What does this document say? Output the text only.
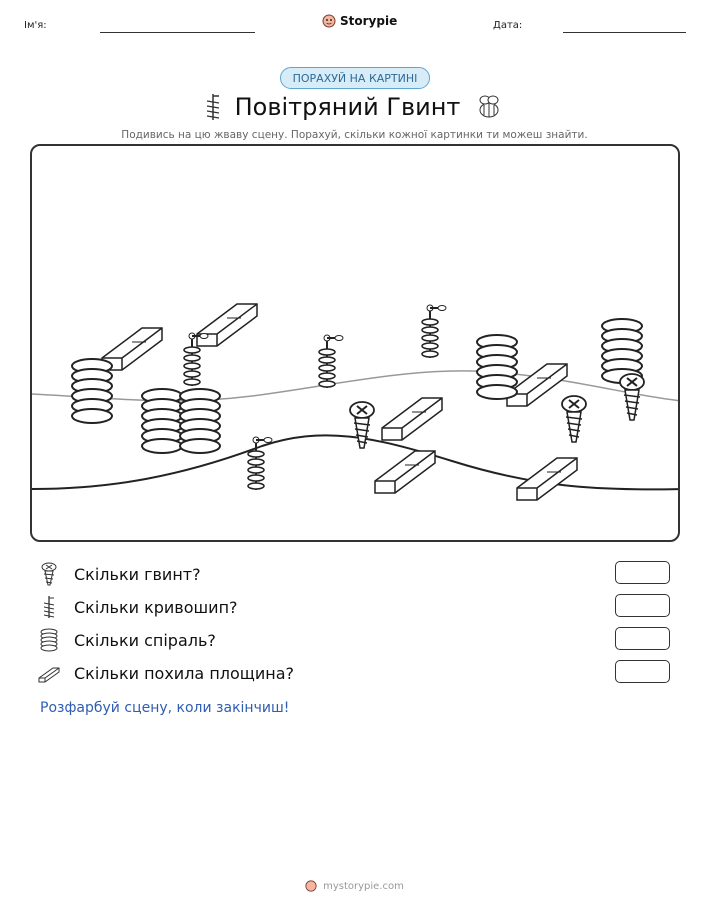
Ім'я:	Storypie	Дата:
ПОРАХУЙ НА КАРТИНІ
Повітряний Гвинт
Подивись на цю жваву сцену. Порахуй, скільки кожної картинки ти можеш знайти.
Скільки гвинт?
Скільки кривошип?
Скільки спіраль?
Скільки похила площина?
Розфарбуй сцену, коли закінчиш!
mystorypie.com
